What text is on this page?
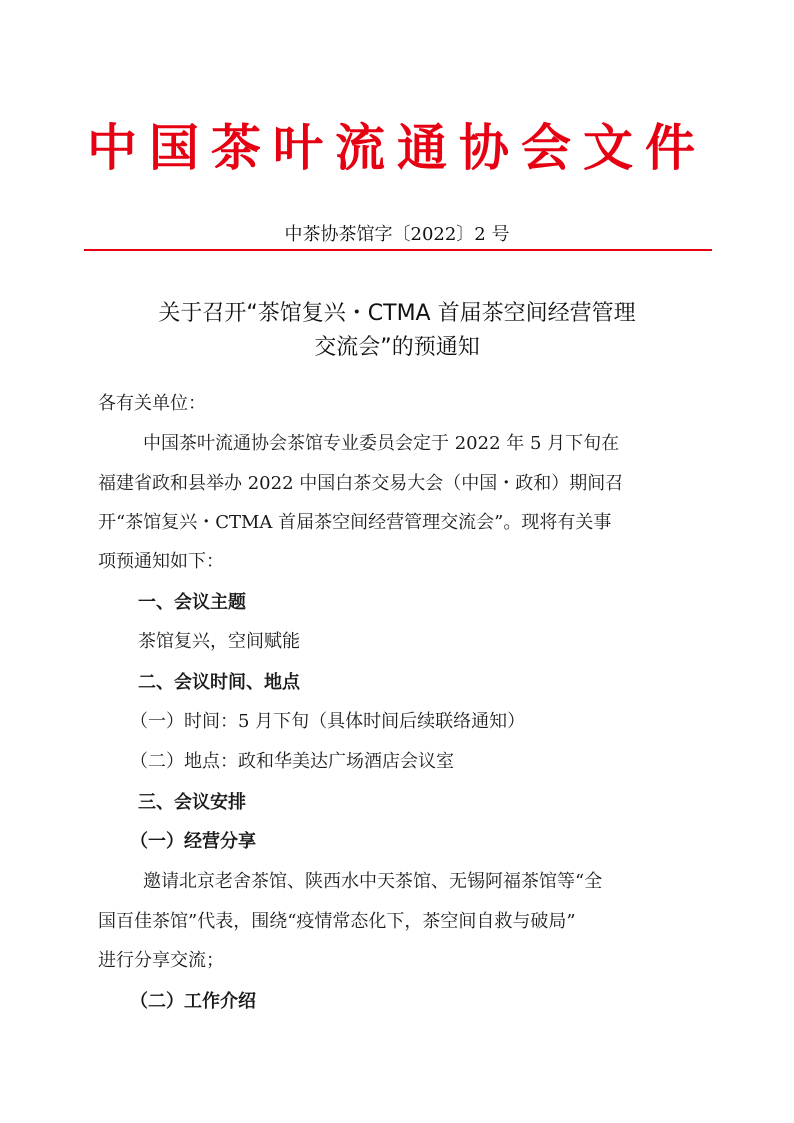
中国茶叶流通协会文件
中茶协茶馆字〔2022〕2 号
关于召开“茶馆复兴・CTMA 首届茶空间经营管理
交流会”的预通知
各有关单位：
中国茶叶流通协会茶馆专业委员会定于 2022 年 5 月下旬在
福建省政和县举办 2022 中国白茶交易大会（中国・政和）期间召
开“茶馆复兴・CTMA 首届茶空间经营管理交流会”。现将有关事
项预通知如下：
一、会议主题
茶馆复兴，空间赋能
二、会议时间、地点
（一）时间：5 月下旬（具体时间后续联络通知）
（二）地点：政和华美达广场酒店会议室
三、会议安排
（一）经营分享
邀请北京老舍茶馆、陕西水中天茶馆、无锡阿福茶馆等“全
国百佳茶馆”代表，围绕“疫情常态化下，茶空间自救与破局”
进行分享交流；
（二）工作介绍
